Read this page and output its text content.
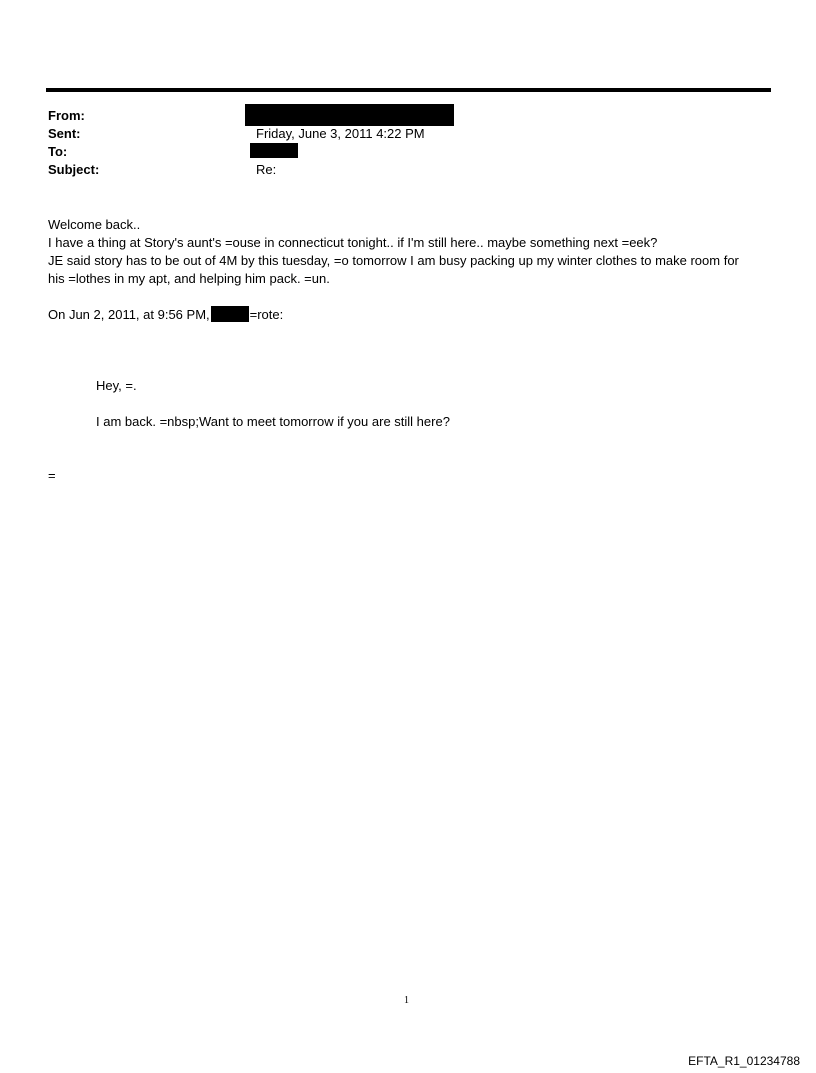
From:
Sent:
To:
Subject:
Friday, June 3, 2011 4:22 PM
Re:
Welcome back..
I have a thing at Story's aunt's =ouse in connecticut tonight.. if I'm still here.. maybe something next =eek?
JE said story has to be out of 4M by this tuesday, =o tomorrow I am busy packing up my winter clothes to make room for
his =lothes in my apt, and helping him pack. =un.
On Jun 2, 2011, at 9:56 PM,	=rote:
Hey, =.
I am back. =nbsp;Want to meet tomorrow if you are still here?
=
1
EFTA_R1_01234788
